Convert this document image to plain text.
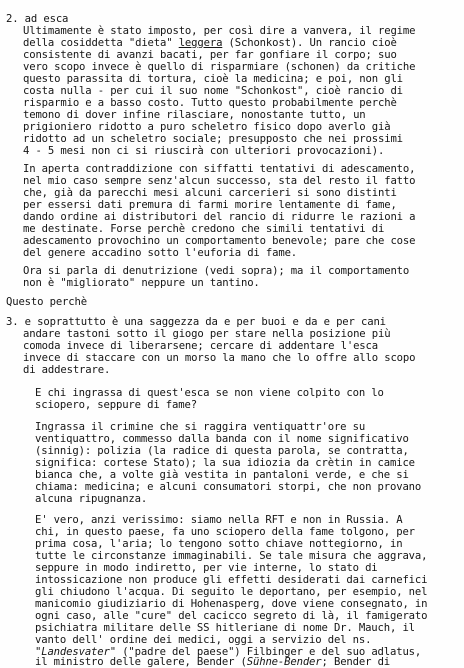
2. ad esca
Ultimamente è stato imposto, per così dire a vanvera, il regime
della cosiddetta "dieta" leggera (Schonkost). Un rancio cioè
consistente di avanzi bacati, per far gonfiare il corpo; suo
vero scopo invece è quello di risparmiare (schonen) da critiche
questo parassita di tortura, cioè la medicina; e poi, non gli
costa nulla - per cui il suo nome "Schonkost", cioè rancio di
risparmio e a basso costo. Tutto questo probabilmente perchè
temono di dover infine rilasciare, nonostante tutto, un
prigioniero ridotto a puro scheletro fisico dopo averlo già
ridotto ad un scheletro sociale; presupposto che nei prossimi
4 - 5 mesi non ci si riuscirà con ulteriori provocazioni).
In aperta contraddizione con siffatti tentativi di adescamento,
nel mio caso sempre senz'alcun successo, sta del resto il fatto
che, già da parecchi mesi alcuni carcerieri si sono distinti
per essersi dati premura di farmi morire lentamente di fame,
dando ordine ai distributori del rancio di ridurre le razioni a
me destinate. Forse perchè credono che simili tentativi di
adescamento provochino un comportamento benevole; pare che cose
del genere accadino sotto l'euforia di fame.
Ora si parla di denutrizione (vedi sopra); ma il comportamento
non è "migliorato" neppure un tantino.
Questo perchè
3. e soprattutto è una saggezza da e per buoi e da e per cani
andare tastoni sotto il giogo per stare nella posizione più
comoda invece di liberarsene; cercare di addentare l'esca
invece di staccare con un morso la mano che lo offre allo scopo
di addestrare.
E chi ingrassa di quest'esca se non viene colpito con lo
sciopero, seppure di fame?
Ingrassa il crimine che si raggira ventiquattr'ore su
ventiquattro, commesso dalla banda con il nome significativo
(sinnig): polizia (la radice di questa parola, se contratta,
significa: cortese Stato); la sua idiozia da crètin in camice
bianca che, a volte già vestita in pantaloni verde, e che si
chiama: medicina; e alcuni consumatori storpi, che non provano
alcuna ripugnanza.
E' vero, anzi verissimo: siamo nella RFT e non in Russia. A
chi, in questo paese, fa uno sciopero della fame tolgono, per
prima cosa, l'aria; lo tengono sotto chiave nottegiorno, in
tutte le circonstanze immaginabili. Se tale misura che aggrava,
seppure in modo indiretto, per vie interne, lo stato di
intossicazione non produce gli effetti desiderati dai carnefici
gli chiudono l'acqua. Di seguito le deportano, per esempio, nel
manicomio giudiziario di Hohenasperg, dove viene consegnato, in
ogni caso, alle "cure" del cacicco segreto di là, il famigerato
psichiatra militare delle SS hitleriane di nome Dr. Mauch, il
vanto dell' ordine dei medici, oggi a servizio del ns.
"Landesvater" ("padre del paese") Filbinger e del suo adlatus,
il ministro delle galere, Bender (Sühne-Bender; Bender di
